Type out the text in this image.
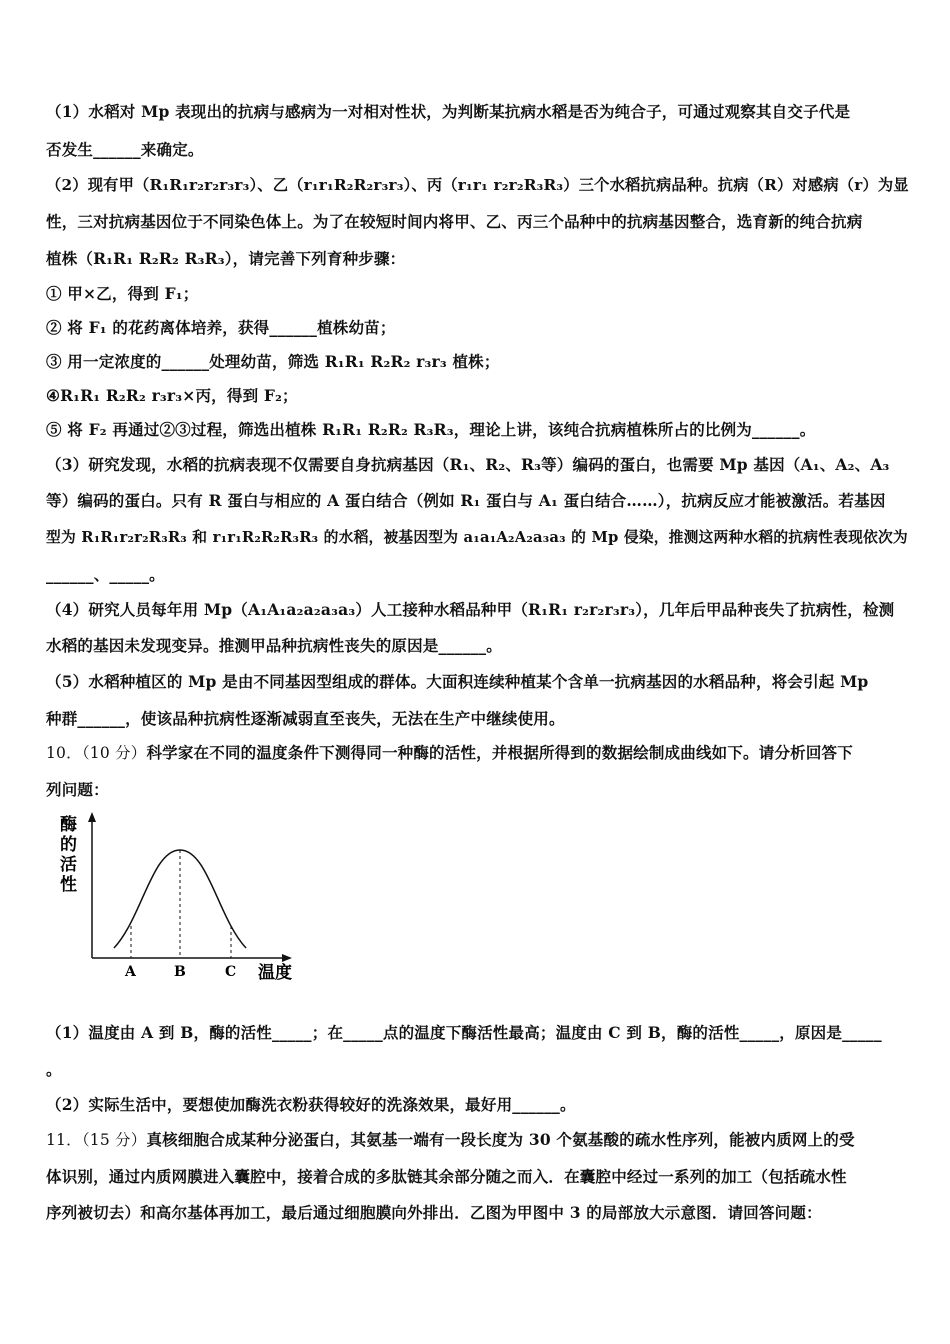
（1）水稻对 Mp 表现出的抗病与感病为一对相对性状，为判断某抗病水稻是否为纯合子，可通过观察其自交子代是
否发生______来确定。
（2）现有甲（R₁R₁r₂r₂r₃r₃）、乙（r₁r₁R₂R₂r₃r₃）、丙（r₁r₁ r₂r₂R₃R₃）三个水稻抗病品种。抗病（R）对感病（r）为显
性，三对抗病基因位于不同染色体上。为了在较短时间内将甲、乙、丙三个品种中的抗病基因整合，选育新的纯合抗病
植株（R₁R₁ R₂R₂ R₃R₃），请完善下列育种步骤：
① 甲×乙，得到 F₁；
② 将 F₁ 的花药离体培养，获得______植株幼苗；
③ 用一定浓度的______处理幼苗，筛选 R₁R₁ R₂R₂ r₃r₃ 植株；
④R₁R₁ R₂R₂ r₃r₃×丙，得到 F₂；
⑤ 将 F₂ 再通过②③过程，筛选出植株 R₁R₁ R₂R₂ R₃R₃，理论上讲，该纯合抗病植株所占的比例为______。
（3）研究发现，水稻的抗病表现不仅需要自身抗病基因（R₁、R₂、R₃等）编码的蛋白，也需要 Mp 基因（A₁、A₂、A₃
等）编码的蛋白。只有 R 蛋白与相应的 A 蛋白结合（例如 R₁ 蛋白与 A₁ 蛋白结合……），抗病反应才能被激活。若基因
型为 R₁R₁r₂r₂R₃R₃ 和 r₁r₁R₂R₂R₃R₃ 的水稻，被基因型为 a₁a₁A₂A₂a₃a₃ 的 Mp 侵染，推测这两种水稻的抗病性表现依次为
______、_____。
（4）研究人员每年用 Mp（A₁A₁a₂a₂a₃a₃）人工接种水稻品种甲（R₁R₁ r₂r₂r₃r₃），几年后甲品种丧失了抗病性，检测
水稻的基因未发现变异。推测甲品种抗病性丧失的原因是______。
（5）水稻种植区的 Mp 是由不同基因型组成的群体。大面积连续种植某个含单一抗病基因的水稻品种，将会引起 Mp
种群______，使该品种抗病性逐渐减弱直至丧失，无法在生产中继续使用。
10．（10 分）科学家在不同的温度条件下测得同一种酶的活性，并根据所得到的数据绘制成曲线如下。请分析回答下
列问题：
酶
的
活
性
A	B	C 温度
（1）温度由 A 到 B，酶的活性_____；在_____点的温度下酶活性最高；温度由 C 到 B，酶的活性_____，原因是_____
。
（2）实际生活中，要想使加酶洗衣粉获得较好的洗涤效果，最好用______。
11．（15 分）真核细胞合成某种分泌蛋白，其氨基一端有一段长度为 30 个氨基酸的疏水性序列，能被内质网上的受
体识别，通过内质网膜进入囊腔中，接着合成的多肽链其余部分随之而入．在囊腔中经过一系列的加工（包括疏水性
序列被切去）和高尔基体再加工，最后通过细胞膜向外排出．乙图为甲图中 3 的局部放大示意图．请回答问题：
